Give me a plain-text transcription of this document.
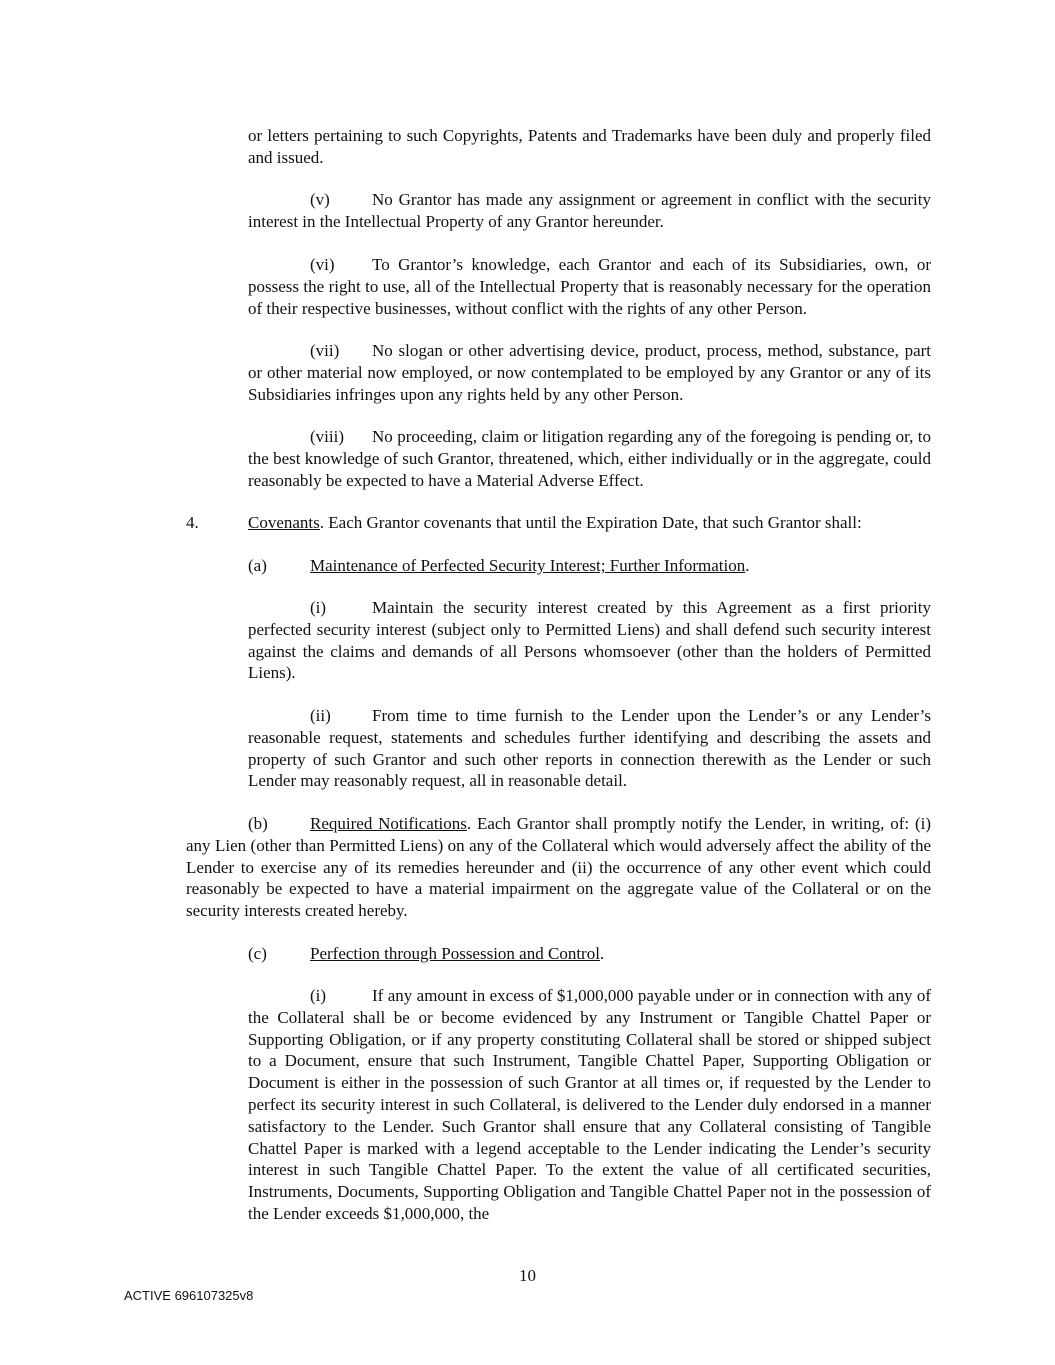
or letters pertaining to such Copyrights, Patents and Trademarks have been duly and properly filed and issued.

(v) No Grantor has made any assignment or agreement in conflict with the security interest in the Intellectual Property of any Grantor hereunder.

(vi) To Grantor’s knowledge, each Grantor and each of its Subsidiaries, own, or possess the right to use, all of the Intellectual Property that is reasonably necessary for the operation of their respective businesses, without conflict with the rights of any other Person.

(vii) No slogan or other advertising device, product, process, method, substance, part or other material now employed, or now contemplated to be employed by any Grantor or any of its Subsidiaries infringes upon any rights held by any other Person.

(viii) No proceeding, claim or litigation regarding any of the foregoing is pending or, to the best knowledge of such Grantor, threatened, which, either individually or in the aggregate, could reasonably be expected to have a Material Adverse Effect.

4.	Covenants. Each Grantor covenants that until the Expiration Date, that such Grantor shall:

(a)	Maintenance of Perfected Security Interest; Further Information.

(i)	Maintain the security interest created by this Agreement as a first priority perfected security interest (subject only to Permitted Liens) and shall defend such security interest against the claims and demands of all Persons whomsoever (other than the holders of Permitted Liens).

(ii) From time to time furnish to the Lender upon the Lender’s or any Lender’s reasonable request, statements and schedules further identifying and describing the assets and property of such Grantor and such other reports in connection therewith as the Lender or such Lender may reasonably request, all in reasonable detail.

(b) Required Notifications. Each Grantor shall promptly notify the Lender, in writing, of: (i) any Lien (other than Permitted Liens) on any of the Collateral which would adversely affect the ability of the Lender to exercise any of its remedies hereunder and (ii) the occurrence of any other event which could reasonably be expected to have a material impairment on the aggregate value of the Collateral or on the security interests created hereby.

(c)	Perfection through Possession and Control.

(i)	If any amount in excess of $1,000,000 payable under or in connection with any of the Collateral shall be or become evidenced by any Instrument or Tangible Chattel Paper or Supporting Obligation, or if any property constituting Collateral shall be stored or shipped subject to a Document, ensure that such Instrument, Tangible Chattel Paper, Supporting Obligation or Document is either in the possession of such Grantor at all times or, if requested by the Lender to perfect its security interest in such Collateral, is delivered to the Lender duly endorsed in a manner satisfactory to the Lender. Such Grantor shall ensure that any Collateral consisting of Tangible Chattel Paper is marked with a legend acceptable to the Lender indicating the Lender’s security interest in such Tangible Chattel Paper. To the extent the value of all certificated securities, Instruments, Documents, Supporting Obligation and Tangible Chattel Paper not in the possession of the Lender exceeds $1,000,000, the

10
ACTIVE 696107325v8
